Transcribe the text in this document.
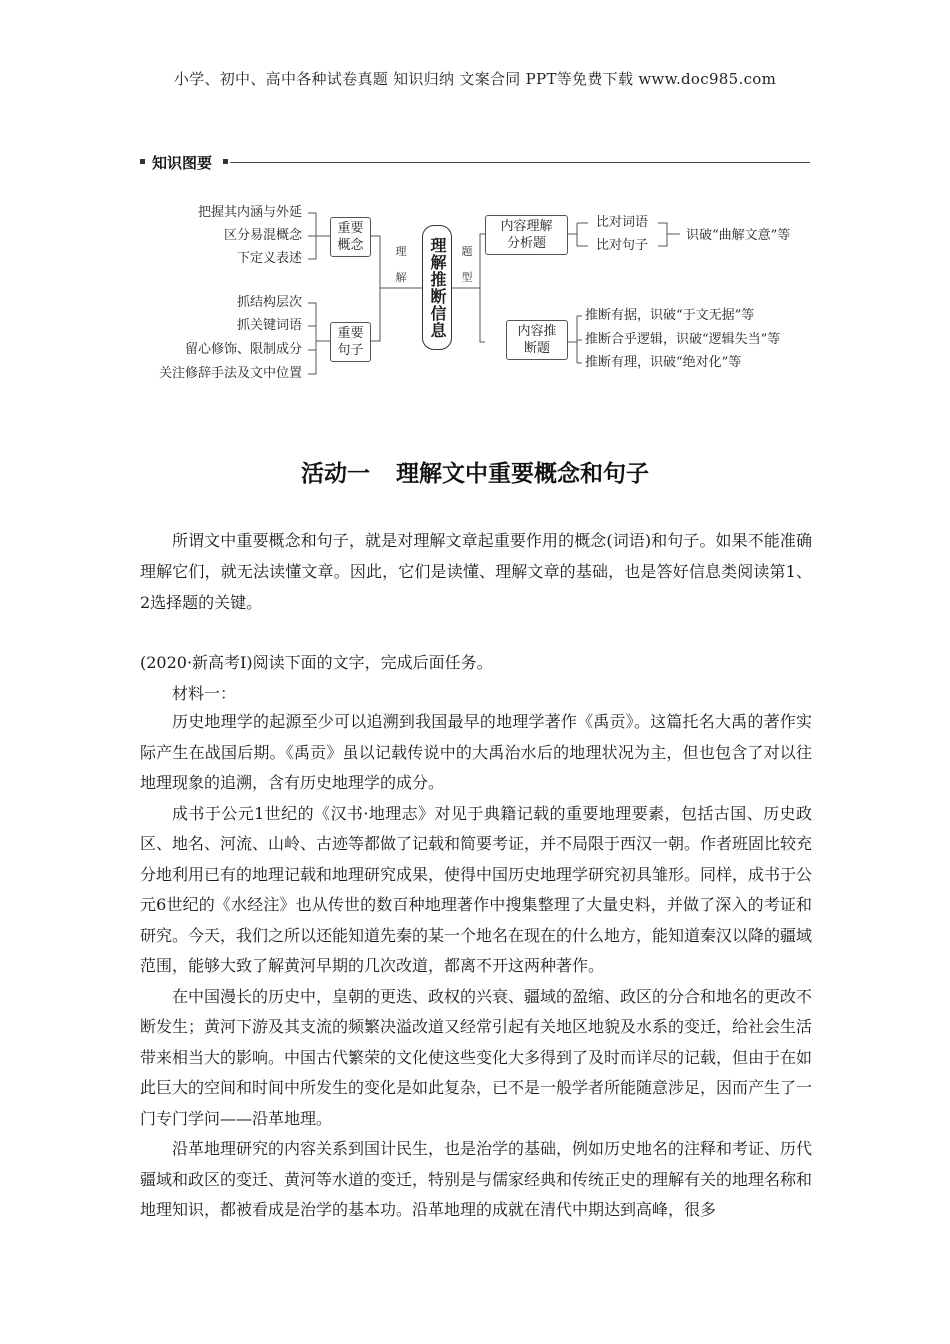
小学、初中、高中各种试卷真题 知识归纳 文案合同 PPT等免费下载 www.doc985.com
知识图要
把握其内涵与外延
区分易混概念
下定义表述
重要
概念
抓结构层次
抓关键词语
留心修饰、限制成分
关注修辞手法及文中位置
重要
句子
理
解	理解推断信息	题
型
内容理解
分析题
比对词语
比对句子
识破“曲解文意”等
内容推
断题
推断有据，识破“于文无据”等
推断合乎逻辑，识破“逻辑失当”等
推断有理，识破“绝对化”等
活动一 理解文中重要概念和句子

所谓文中重要概念和句子，就是对理解文章起重要作用的概念(词语)和句子。如果不能准确理解它们，就无法读懂文章。因此，它们是读懂、理解文章的基础，也是答好信息类阅读第1、2选择题的关键。

(2020·新高考Ⅰ)阅读下面的文字，完成后面任务。

材料一：

历史地理学的起源至少可以追溯到我国最早的地理学著作《禹贡》。这篇托名大禹的著作实际产生在战国后期。《禹贡》虽以记载传说中的大禹治水后的地理状况为主，但也包含了对以往地理现象的追溯，含有历史地理学的成分。

成书于公元1世纪的《汉书·地理志》对见于典籍记载的重要地理要素，包括古国、历史政区、地名、河流、山岭、古迹等都做了记载和简要考证，并不局限于西汉一朝。作者班固比较充分地利用已有的地理记载和地理研究成果，使得中国历史地理学研究初具雏形。同样，成书于公元6世纪的《水经注》也从传世的数百种地理著作中搜集整理了大量史料，并做了深入的考证和研究。今天，我们之所以还能知道先秦的某一个地名在现在的什么地方，能知道秦汉以降的疆域范围，能够大致了解黄河早期的几次改道，都离不开这两种著作。

在中国漫长的历史中，皇朝的更迭、政权的兴衰、疆域的盈缩、政区的分合和地名的更改不断发生；黄河下游及其支流的频繁决溢改道又经常引起有关地区地貌及水系的变迁，给社会生活带来相当大的影响。中国古代繁荣的文化使这些变化大多得到了及时而详尽的记载，但由于在如此巨大的空间和时间中所发生的变化是如此复杂，已不是一般学者所能随意涉足，因而产生了一门专门学问——沿革地理。

沿革地理研究的内容关系到国计民生，也是治学的基础，例如历史地名的注释和考证、历代疆域和政区的变迁、黄河等水道的变迁，特别是与儒家经典和传统正史的理解有关的地理名称和地理知识，都被看成是治学的基本功。沿革地理的成就在清代中期达到高峰，很多
